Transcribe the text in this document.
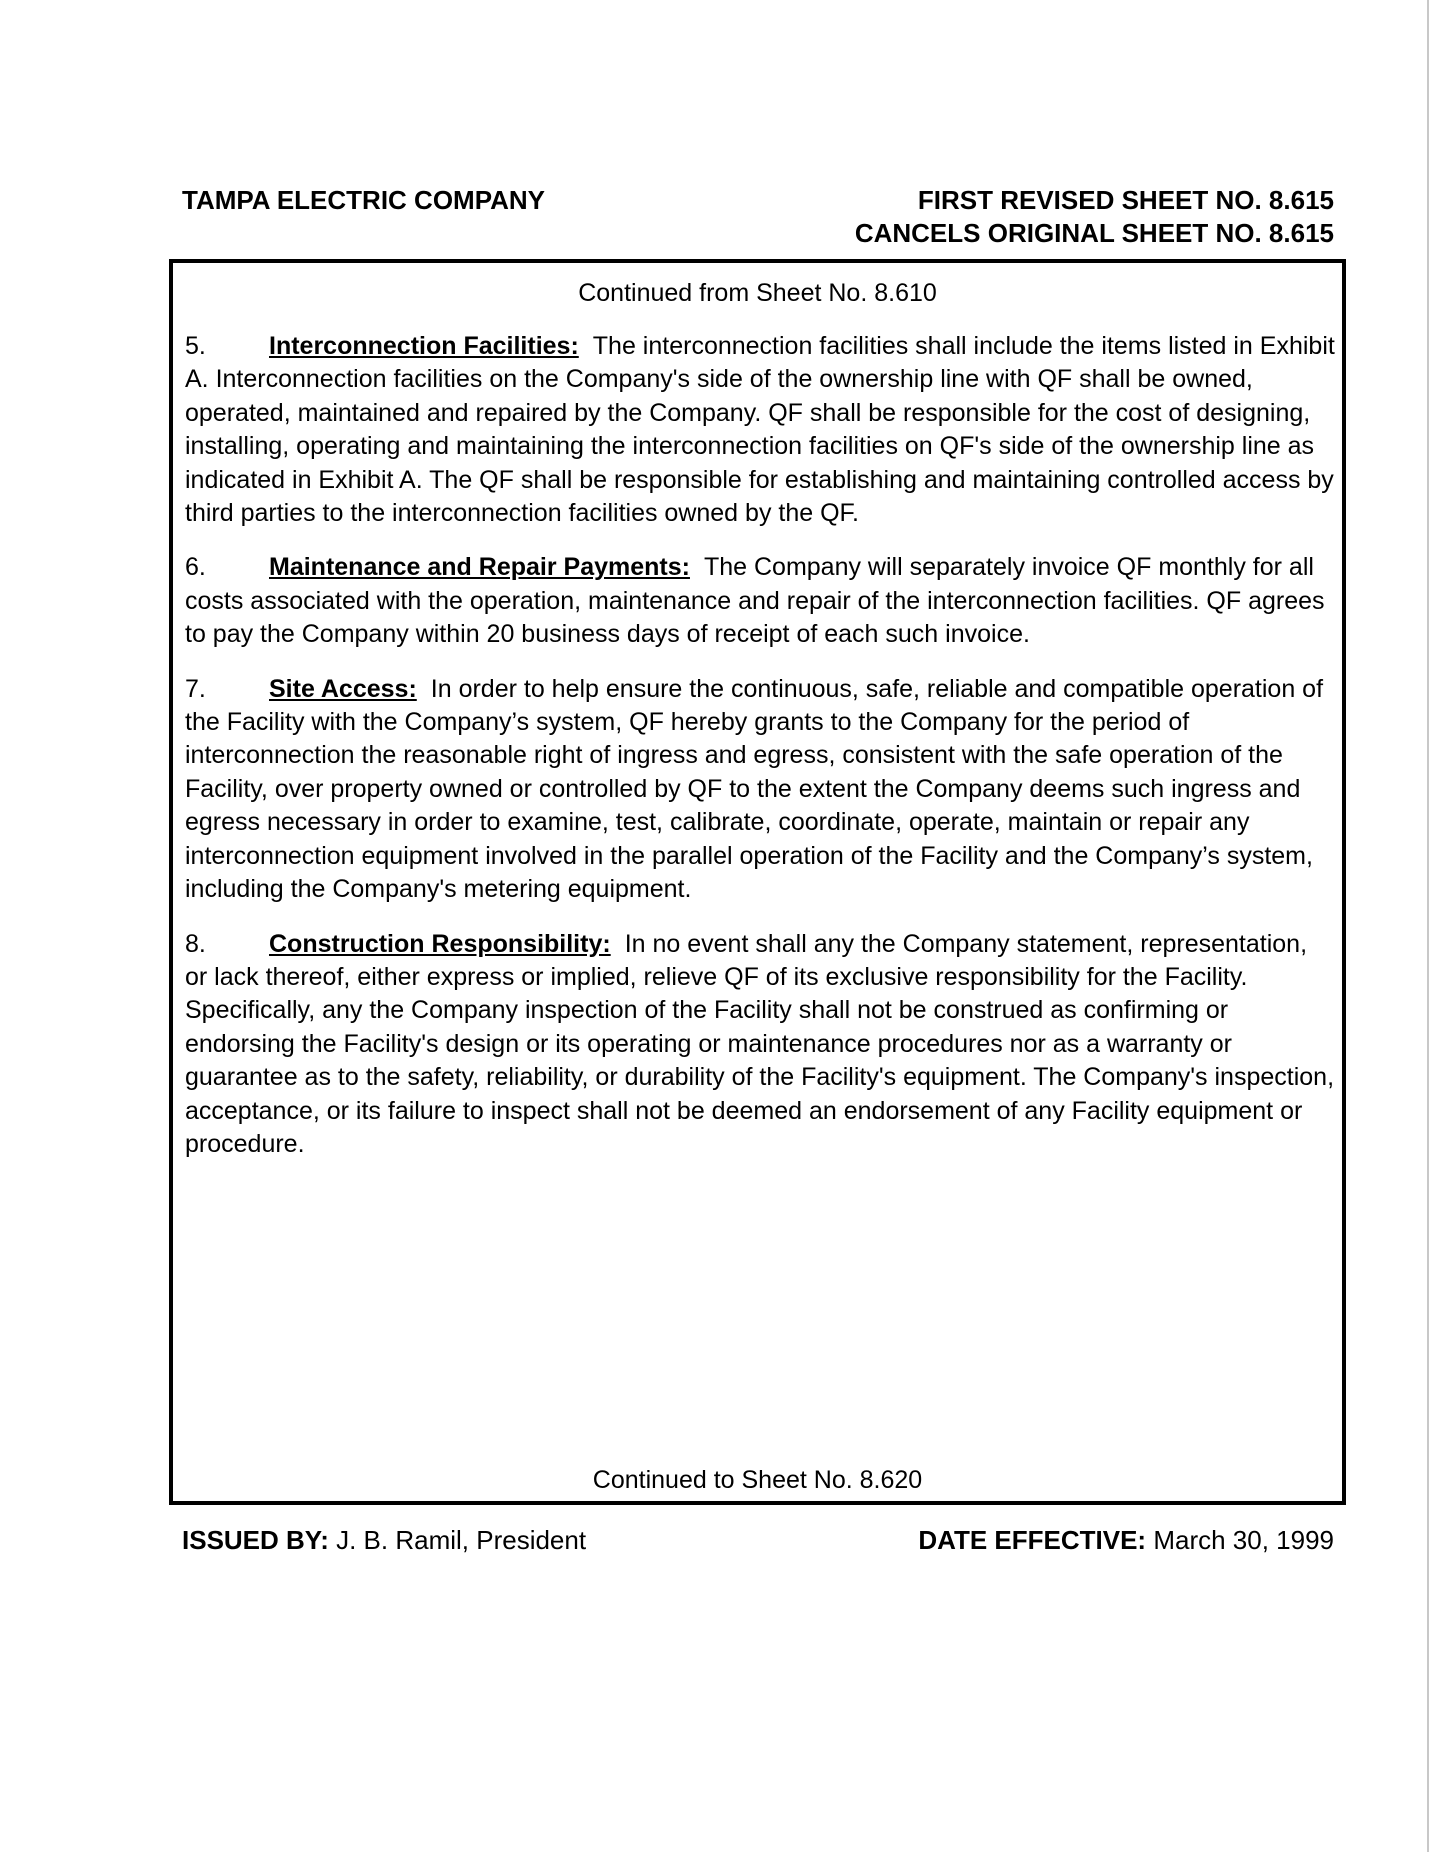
TAMPA ELECTRIC COMPANY	FIRST REVISED SHEET NO. 8.615
CANCELS ORIGINAL SHEET NO. 8.615
Continued from Sheet No. 8.610

5.	Interconnection Facilities: The interconnection facilities shall include the items listed in Exhibit A. Interconnection facilities on the Company's side of the ownership line with QF shall be owned, operated, maintained and repaired by the Company. QF shall be responsible for the cost of designing, installing, operating and maintaining the interconnection facilities on QF's side of the ownership line as indicated in Exhibit A. The QF shall be responsible for establishing and maintaining controlled access by third parties to the interconnection facilities owned by the QF.

6.	Maintenance and Repair Payments: The Company will separately invoice QF monthly for all costs associated with the operation, maintenance and repair of the interconnection facilities. QF agrees to pay the Company within 20 business days of receipt of each such invoice.

7.	Site Access: In order to help ensure the continuous, safe, reliable and compatible operation of the Facility with the Company’s system, QF hereby grants to the Company for the period of interconnection the reasonable right of ingress and egress, consistent with the safe operation of the Facility, over property owned or controlled by QF to the extent the Company deems such ingress and egress necessary in order to examine, test, calibrate, coordinate, operate, maintain or repair any interconnection equipment involved in the parallel operation of the Facility and the Company’s system, including the Company's metering equipment.

8.	Construction Responsibility: In no event shall any the Company statement, representation, or lack thereof, either express or implied, relieve QF of its exclusive responsibility for the Facility. Specifically, any the Company inspection of the Facility shall not be construed as confirming or endorsing the Facility's design or its operating or maintenance procedures nor as a warranty or guarantee as to the safety, reliability, or durability of the Facility's equipment. The Company's inspection, acceptance, or its failure to inspect shall not be deemed an endorsement of any Facility equipment or procedure.

Continued to Sheet No. 8.620
ISSUED BY: J. B. Ramil, President	DATE EFFECTIVE: March 30, 1999
